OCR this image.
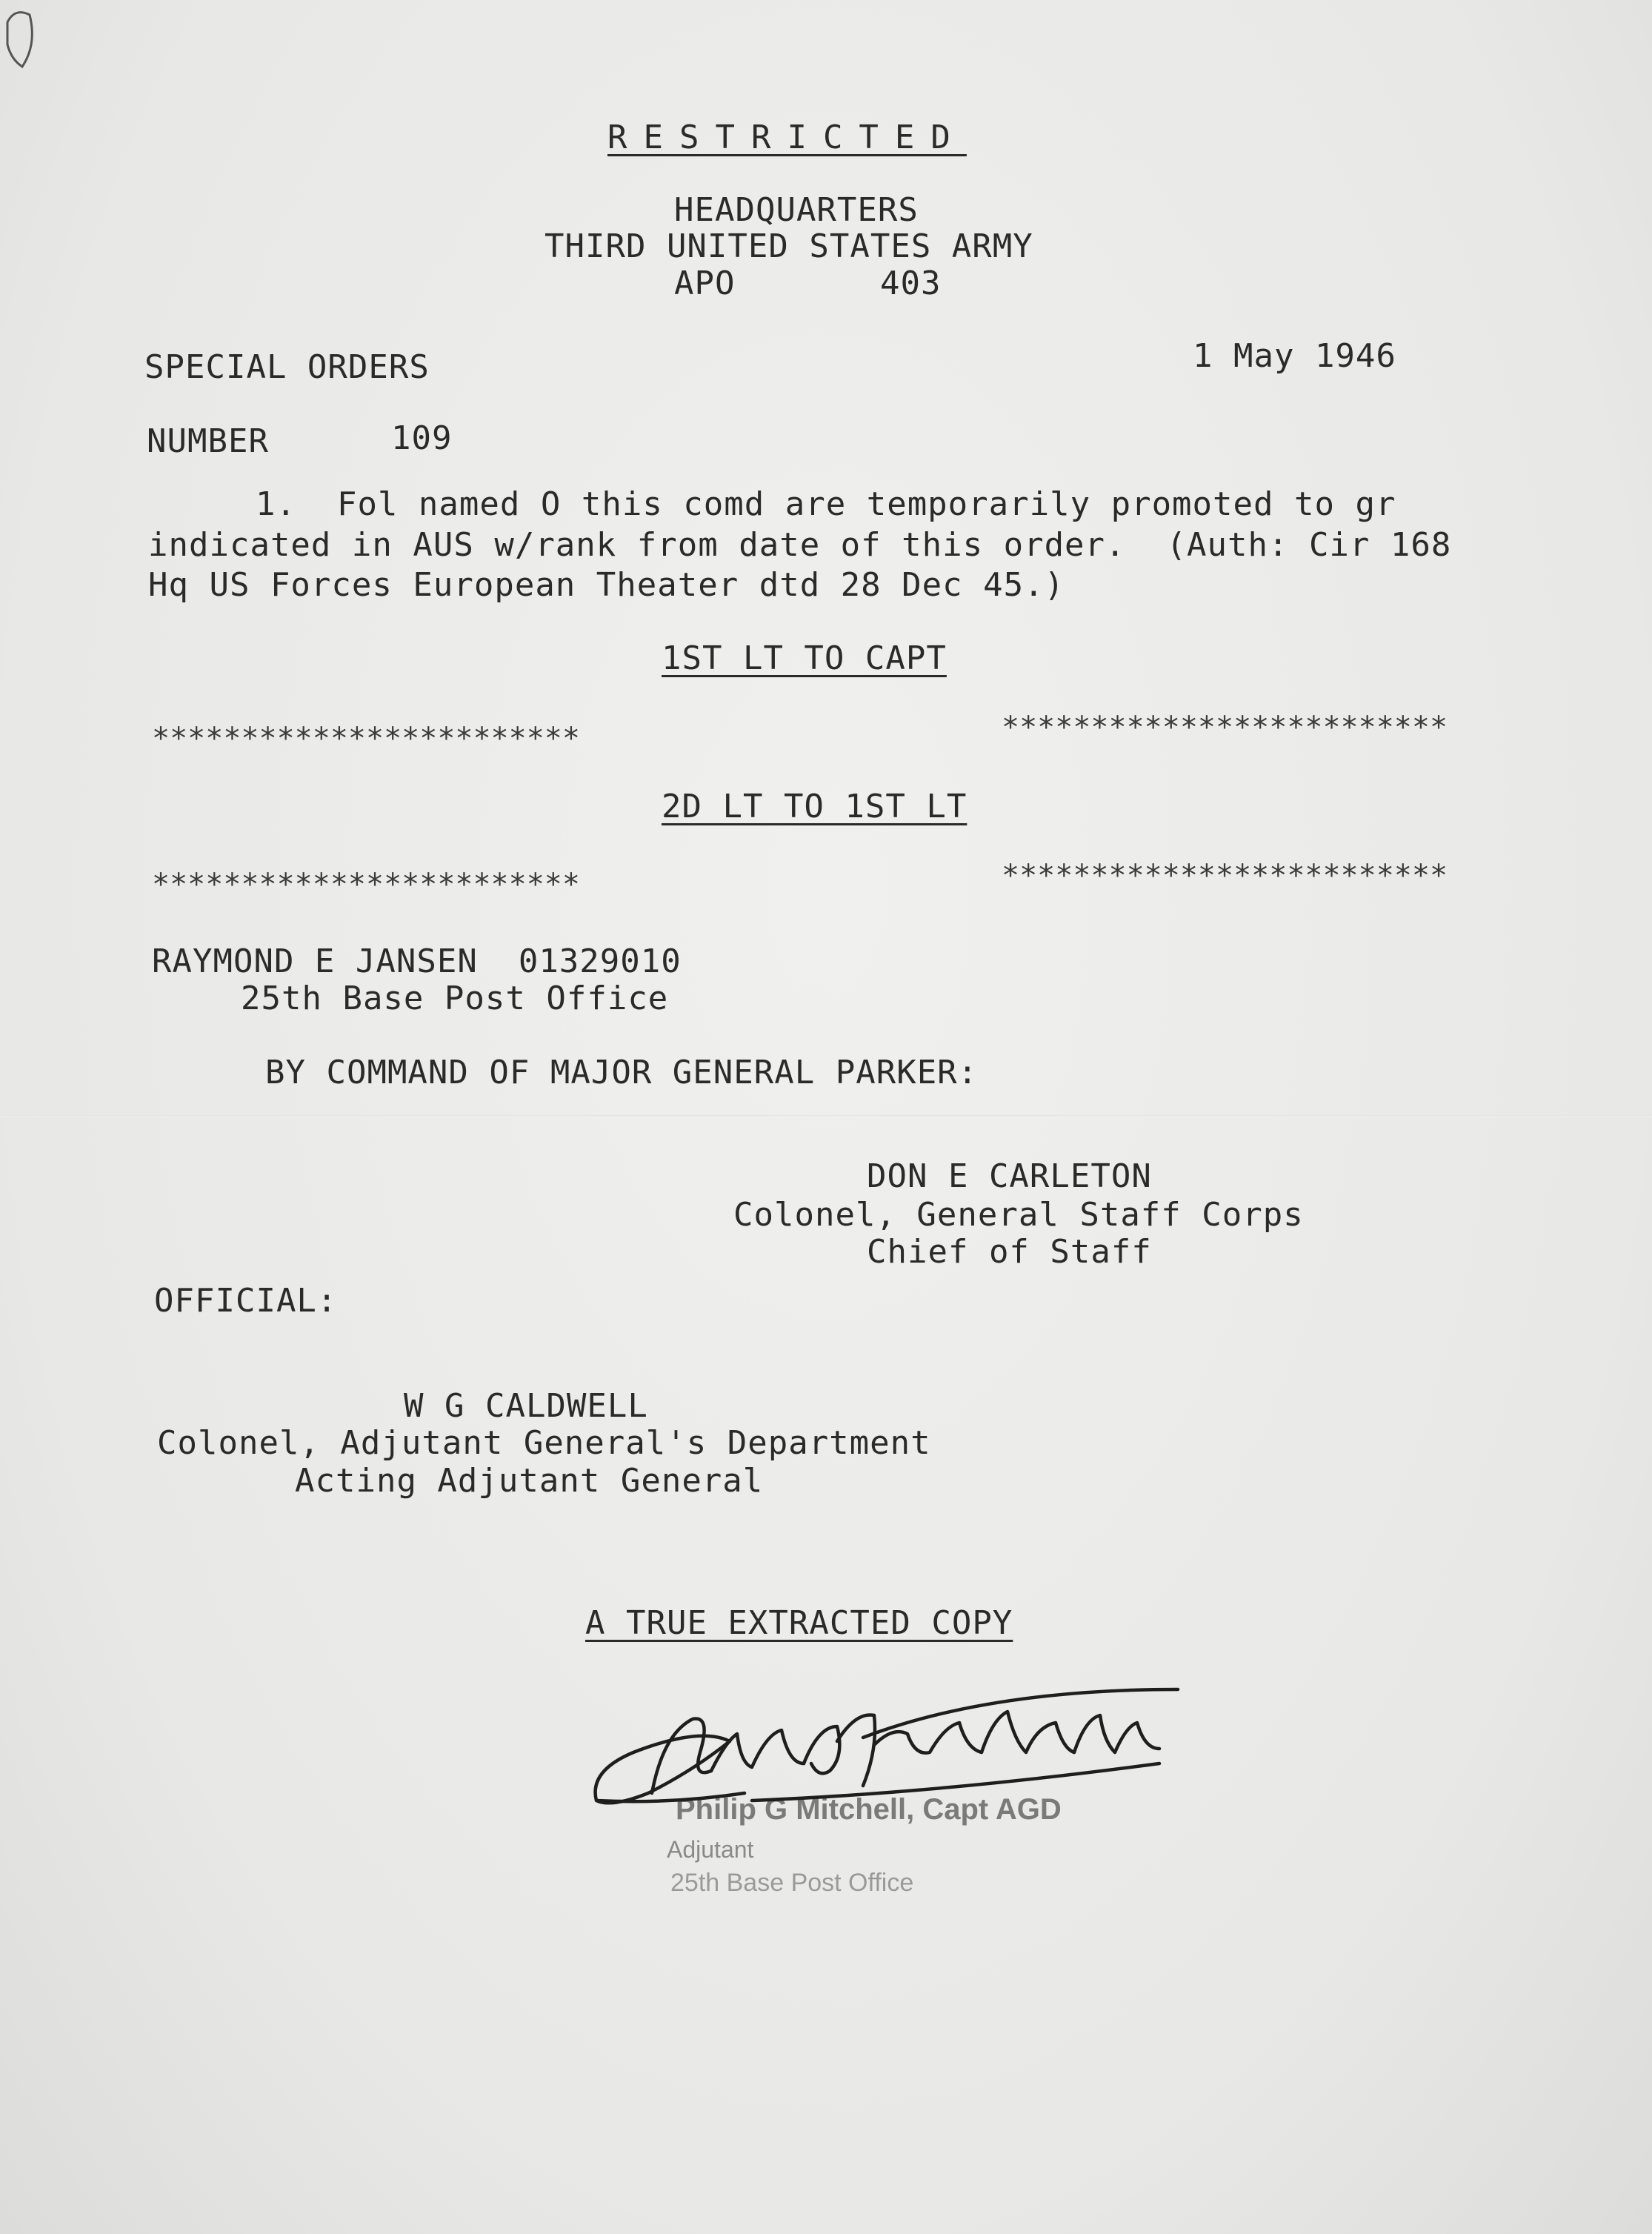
RESTRICTED
HEADQUARTERS
THIRD UNITED STATES ARMY
APO	403
SPECIAL ORDERS	1 May 1946
NUMBER	109
1.  Fol named O this comd are temporarily promoted to gr
indicated in AUS w/rank from date of this order.  (Auth: Cir 168
Hq US Forces European Theater dtd 28 Dec 45.)
1ST LT TO CAPT
************************	*************************
2D LT TO 1ST LT
************************	*************************
RAYMOND E JANSEN  01329010
25th Base Post Office
BY COMMAND OF MAJOR GENERAL PARKER:
DON E CARLETON
Colonel, General Staff Corps
Chief of Staff
OFFICIAL:
W G CALDWELL
Colonel, Adjutant General's Department
Acting Adjutant General
A TRUE EXTRACTED COPY
Philip G Mitchell, Capt AGD
Adjutant
25th Base Post Office
